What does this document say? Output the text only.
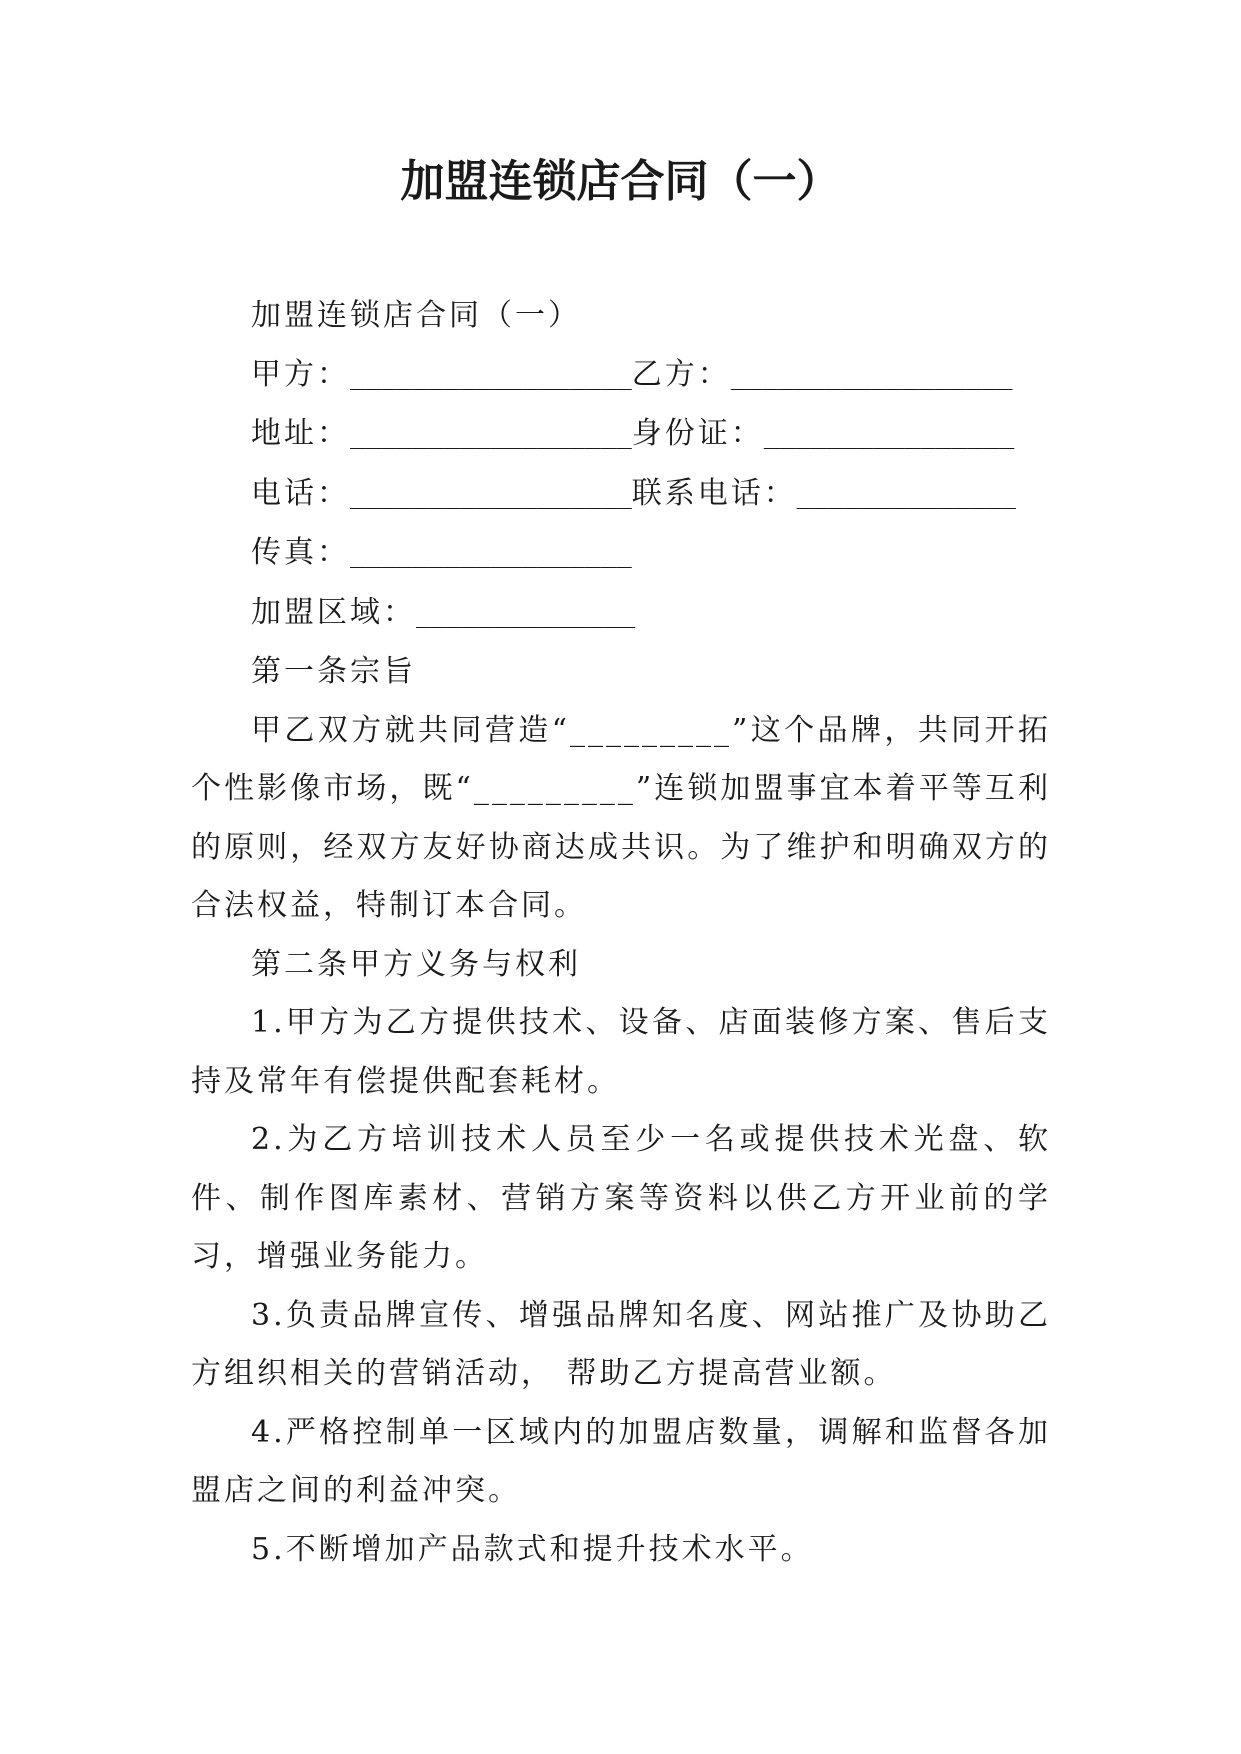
加盟连锁店合同（一）

加盟连锁店合同（一）

甲方：__________________乙方：__________________

地址：__________________身份证：________________

电话：__________________联系电话：______________

传真：__________________

加盟区域：______________

第一条宗旨

甲乙双方就共同营造“_________”这个品牌，共同开拓个性影像市场，既“_________”连锁加盟事宜本着平等互利的原则，经双方友好协商达成共识。为了维护和明确双方的合法权益，特制订本合同。

第二条甲方义务与权利

1.甲方为乙方提供技术、设备、店面装修方案、售后支持及常年有偿提供配套耗材。

2.为乙方培训技术人员至少一名或提供技术光盘、软件、制作图库素材、营销方案等资料以供乙方开业前的学习，增强业务能力。

3.负责品牌宣传、增强品牌知名度、网站推广及协助乙方组织相关的营销活动， 帮助乙方提高营业额。

4.严格控制单一区域内的加盟店数量，调解和监督各加盟店之间的利益冲突。

5.不断增加产品款式和提升技术水平。
